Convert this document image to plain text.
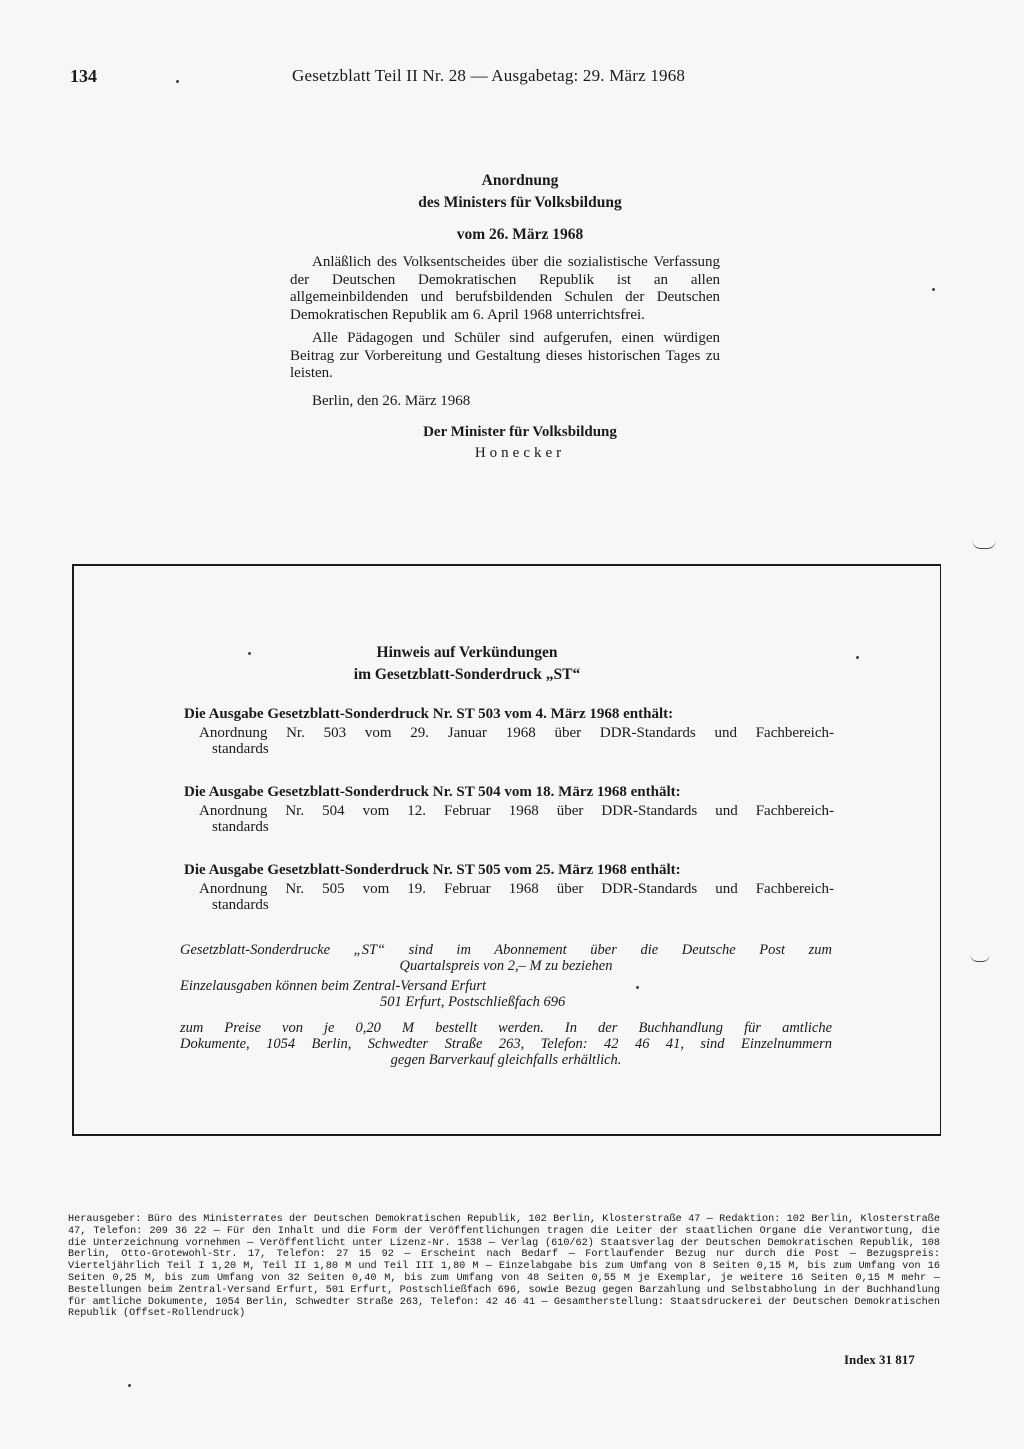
134	Gesetzblatt Teil II Nr. 28 — Ausgabetag: 29. März 1968
Anordnung
des Ministers für Volksbildung
vom 26. März 1968

Anläßlich des Volksentscheides über die sozialistische Verfassung der Deutschen Demokratischen Republik ist an allen allgemeinbildenden und berufsbildenden Schulen der Deutschen Demokratischen Republik am 6. April 1968 unterrichtsfrei.

Alle Pädagogen und Schüler sind aufgerufen, einen würdigen Beitrag zur Vorbereitung und Gestaltung dieses historischen Tages zu leisten.

Berlin, den 26. März 1968
Der Minister für Volksbildung
Honecker
Hinweis auf Verkündungen
im Gesetzblatt-Sonderdruck „ST“
Die Ausgabe Gesetzblatt-Sonderdruck Nr. ST 503 vom 4. März 1968 enthält:
Anordnung Nr. 503 vom 29. Januar 1968 über DDR-Standards und Fachbereich-
standards
Die Ausgabe Gesetzblatt-Sonderdruck Nr. ST 504 vom 18. März 1968 enthält:
Anordnung Nr. 504 vom 12. Februar 1968 über DDR-Standards und Fachbereich-
standards
Die Ausgabe Gesetzblatt-Sonderdruck Nr. ST 505 vom 25. März 1968 enthält:
Anordnung Nr. 505 vom 19. Februar 1968 über DDR-Standards und Fachbereich-
standards
Gesetzblatt-Sonderdrucke „ST“ sind im Abonnement über die Deutsche Post zum
Quartalspreis von 2,– M zu beziehen
Einzelausgaben können beim Zentral-Versand Erfurt
501 Erfurt, Postschließfach 696
zum Preise von je 0,20 M bestellt werden. In der Buchhandlung für amtliche
Dokumente, 1054 Berlin, Schwedter Straße 263, Telefon: 42 46 41, sind Einzelnummern
gegen Barverkauf gleichfalls erhältlich.
Herausgeber: Büro des Ministerrates der Deutschen Demokratischen Republik, 102 Berlin, Klosterstraße 47 — Redaktion: 102 Berlin, Klosterstraße 47, Telefon: 209 36 22 — Für den Inhalt und die Form der Veröffentlichungen tragen die Leiter der staatlichen Organe die Verantwortung, die die Unterzeichnung vornehmen — Veröffentlicht unter Lizenz-Nr. 1538 — Verlag (610/62) Staatsverlag der Deutschen Demokratischen Republik, 108 Berlin, Otto-Grotewohl-Str. 17, Telefon: 27 15 92 — Erscheint nach Bedarf — Fortlaufender Bezug nur durch die Post — Bezugspreis: Vierteljährlich Teil I 1,20 M, Teil II 1,80 M und Teil III 1,80 M — Einzelabgabe bis zum Umfang von 8 Seiten 0,15 M, bis zum Umfang von 16 Seiten 0,25 M, bis zum Umfang von 32 Seiten 0,40 M, bis zum Umfang von 48 Seiten 0,55 M je Exemplar, je weitere 16 Seiten 0,15 M mehr — Bestellungen beim Zentral-Versand Erfurt, 501 Erfurt, Postschließfach 696, sowie Bezug gegen Barzahlung und Selbstabholung in der Buchhandlung für amtliche Dokumente, 1054 Berlin, Schwedter Straße 263, Telefon: 42 46 41 — Gesamtherstellung: Staatsdruckerei der Deutschen Demokratischen Republik (Offset-Rollendruck)
Index 31 817
